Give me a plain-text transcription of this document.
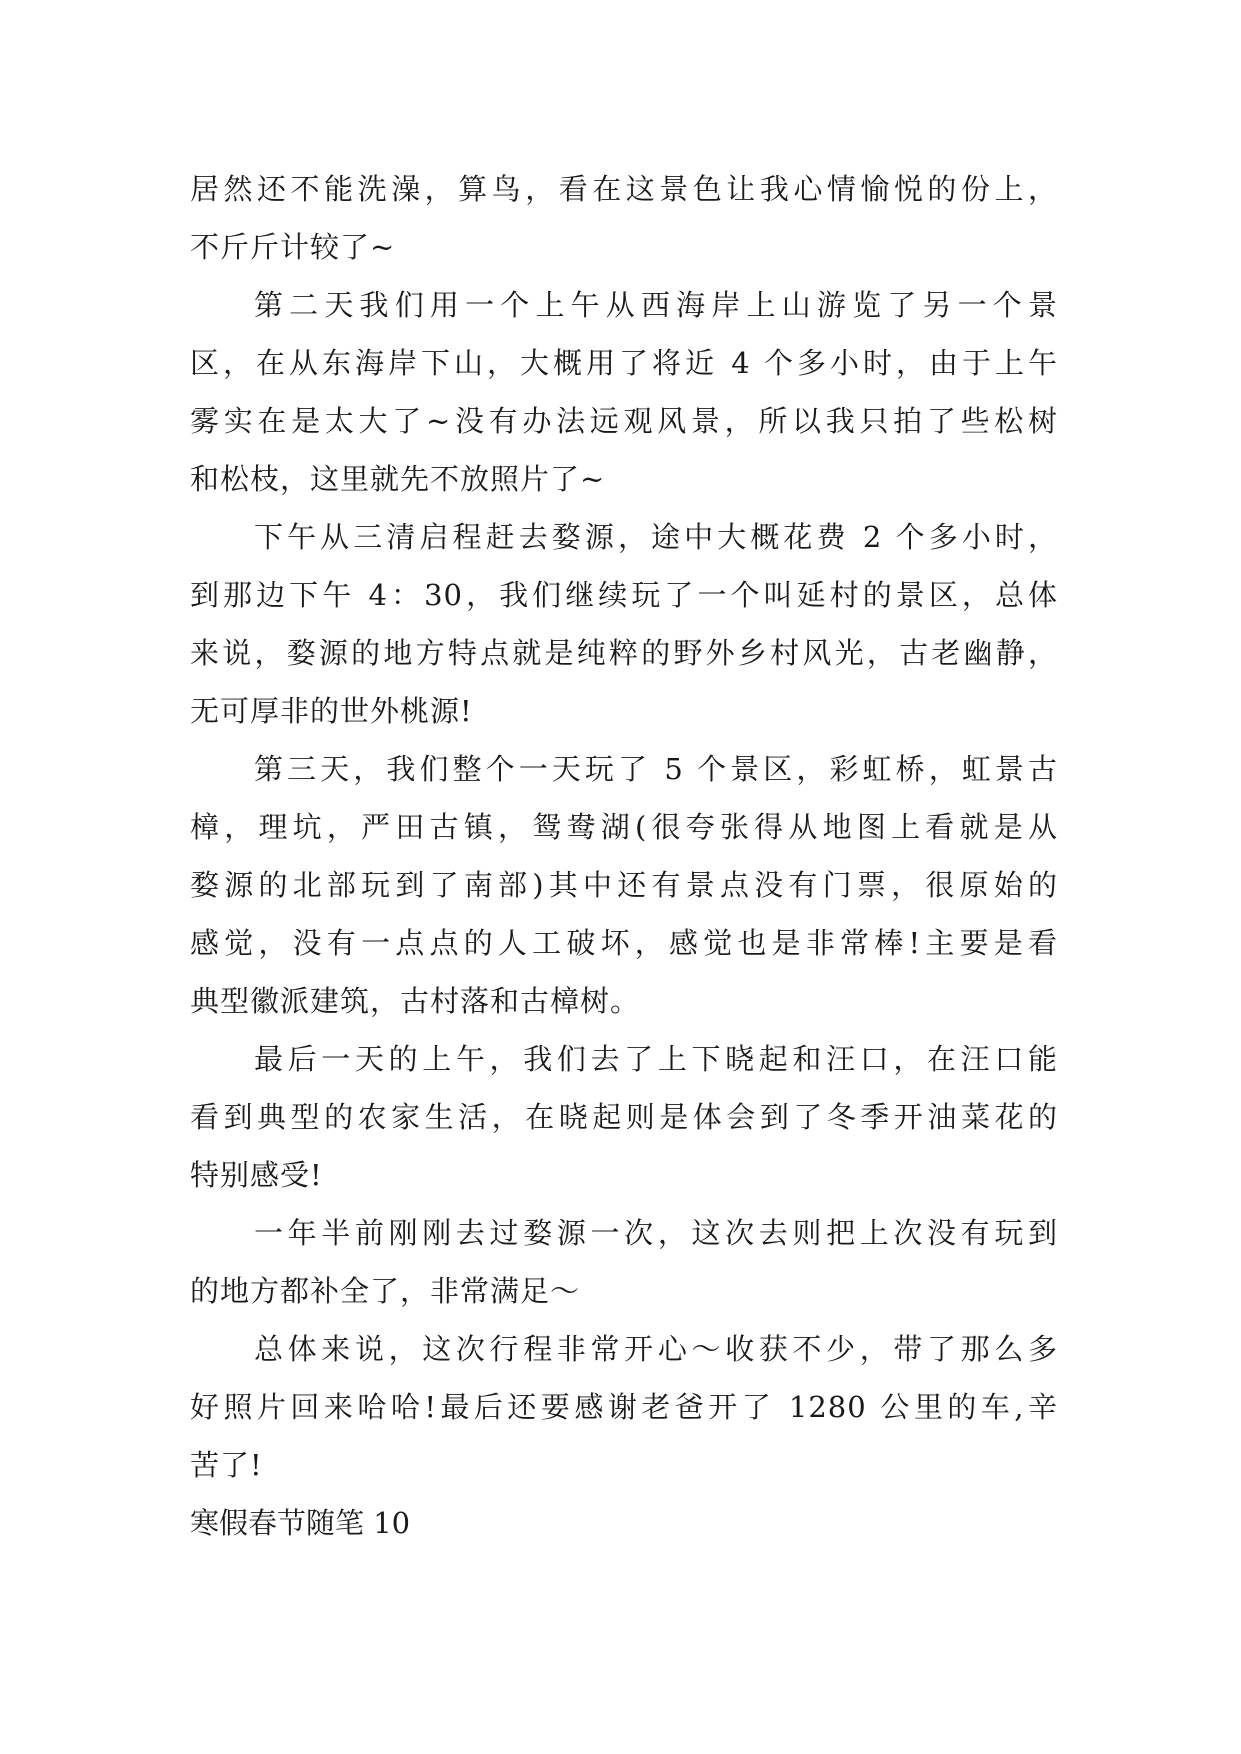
居然还不能洗澡，算鸟，看在这景色让我心情愉悦的份上，
不斤斤计较了~
第二天我们用一个上午从西海岸上山游览了另一个景
区，在从东海岸下山，大概用了将近 4 个多小时，由于上午
雾实在是太大了~没有办法远观风景，所以我只拍了些松树
和松枝，这里就先不放照片了~
下午从三清启程赶去婺源，途中大概花费 2 个多小时，
到那边下午 4：30，我们继续玩了一个叫延村的景区，总体
来说，婺源的地方特点就是纯粹的野外乡村风光，古老幽静，
无可厚非的世外桃源!
第三天，我们整个一天玩了 5 个景区，彩虹桥，虹景古
樟，理坑，严田古镇，鸳鸯湖(很夸张得从地图上看就是从
婺源的北部玩到了南部)其中还有景点没有门票，很原始的
感觉，没有一点点的人工破坏，感觉也是非常棒!主要是看
典型徽派建筑，古村落和古樟树。
最后一天的上午，我们去了上下晓起和汪口，在汪口能
看到典型的农家生活，在晓起则是体会到了冬季开油菜花的
特别感受!
一年半前刚刚去过婺源一次，这次去则把上次没有玩到
的地方都补全了，非常满足～
总体来说，这次行程非常开心～收获不少，带了那么多
好照片回来哈哈!最后还要感谢老爸开了 1280 公里的车,辛
苦了!
寒假春节随笔 10
